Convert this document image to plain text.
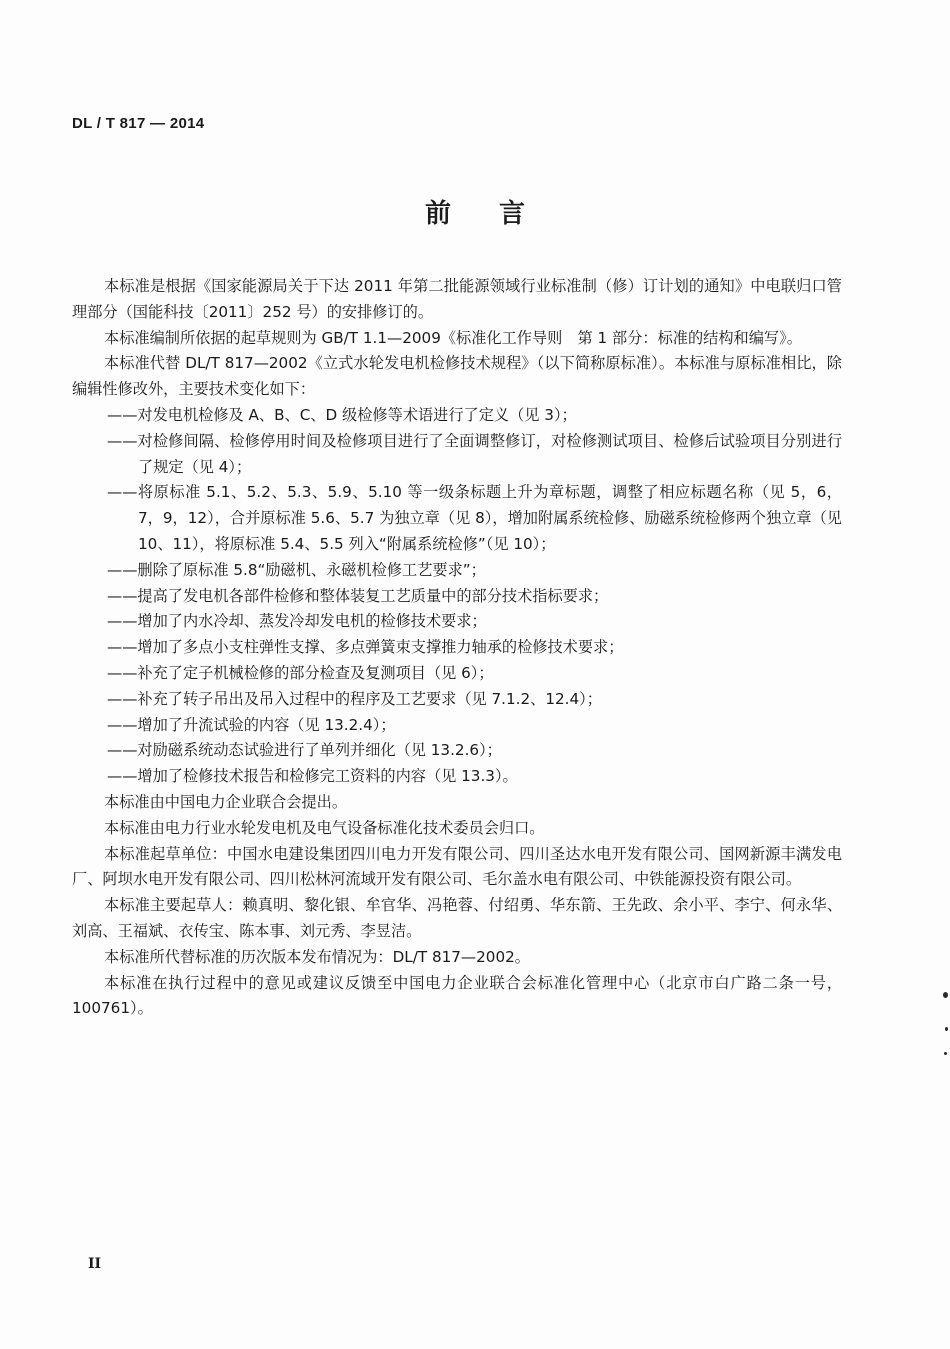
DL / T 817 — 2014
前言

本标准是根据《国家能源局关于下达 2011 年第二批能源领域行业标准制（修）订计划的通知》中电联归口管理部分（国能科技〔2011〕252 号）的安排修订的。

本标准编制所依据的起草规则为 GB/T 1.1—2009《标准化工作导则　第 1 部分：标准的结构和编写》。

本标准代替 DL/T 817—2002《立式水轮发电机检修技术规程》（以下简称原标准）。本标准与原标准相比，除编辑性修改外，主要技术变化如下：

——对发电机检修及 A、B、C、D 级检修等术语进行了定义（见 3）；

——对检修间隔、检修停用时间及检修项目进行了全面调整修订，对检修测试项目、检修后试验项目分别进行了规定（见 4）；

——将原标准 5.1、5.2、5.3、5.9、5.10 等一级条标题上升为章标题，调整了相应标题名称（见 5，6，7，9，12），合并原标准 5.6、5.7 为独立章（见 8），增加附属系统检修、励磁系统检修两个独立章（见 10、11），将原标准 5.4、5.5 列入“附属系统检修”（见 10）；

——删除了原标准 5.8“励磁机、永磁机检修工艺要求”；

——提高了发电机各部件检修和整体装复工艺质量中的部分技术指标要求；

——增加了内水冷却、蒸发冷却发电机的检修技术要求；

——增加了多点小支柱弹性支撑、多点弹簧束支撑推力轴承的检修技术要求；

——补充了定子机械检修的部分检查及复测项目（见 6）；

——补充了转子吊出及吊入过程中的程序及工艺要求（见 7.1.2、12.4）；

——增加了升流试验的内容（见 13.2.4）；

——对励磁系统动态试验进行了单列并细化（见 13.2.6）；

——增加了检修技术报告和检修完工资料的内容（见 13.3）。

本标准由中国电力企业联合会提出。

本标准由电力行业水轮发电机及电气设备标准化技术委员会归口。

本标准起草单位：中国水电建设集团四川电力开发有限公司、四川圣达水电开发有限公司、国网新源丰满发电厂、阿坝水电开发有限公司、四川松林河流域开发有限公司、毛尔盖水电有限公司、中铁能源投资有限公司。

本标准主要起草人：赖真明、黎化银、牟官华、冯艳蓉、付绍勇、华东箭、王先政、余小平、李宁、何永华、刘高、王福斌、衣传宝、陈本事、刘元秀、李昱洁。

本标准所代替标准的历次版本发布情况为：DL/T 817—2002。

本标准在执行过程中的意见或建议反馈至中国电力企业联合会标准化管理中心（北京市白广路二条一号，100761）。

II
